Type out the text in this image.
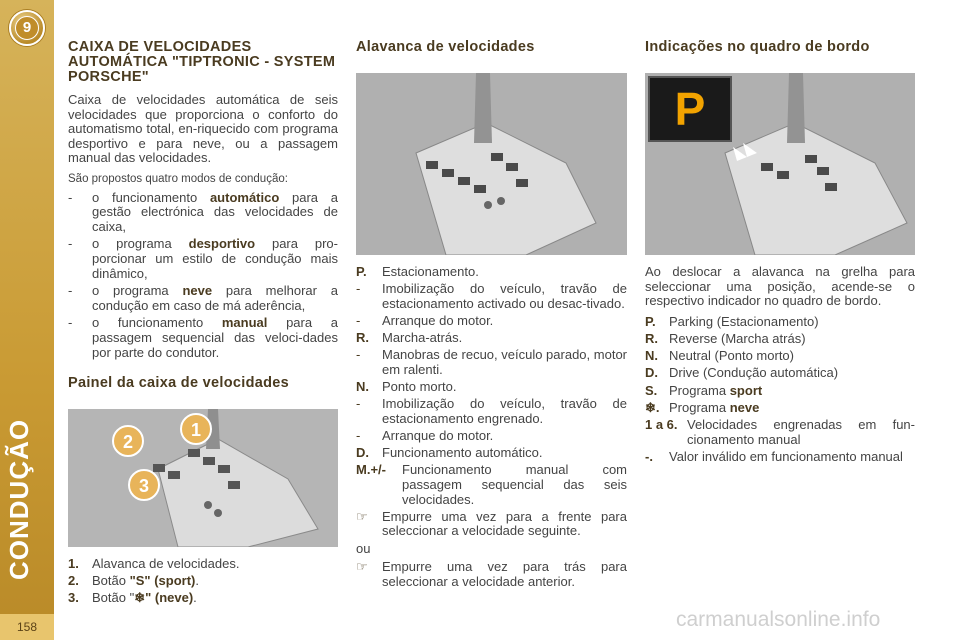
9
CONDUÇÃO
158
CAIXA DE VELOCIDADES AUTOMÁTICA "TIPTRONIC - SYSTEM PORSCHE"

Caixa de velocidades automática de seis velocidades que proporciona o conforto do automatismo total, en-riquecido com programa desportivo e para neve, ou a passagem manual das velocidades.

São propostos quatro modos de condução:

- o funcionamento automático para a gestão electrónica das velocidades de caixa,
- o programa desportivo para pro-porcionar um estilo de condução mais dinâmico,
- o programa neve para melhorar a condução em caso de má aderência,
- o funcionamento manual para a passagem sequencial das veloci-dades por parte do condutor.
Painel da caixa de velocidades
1
2
3
1.	Alavanca de velocidades.
2.	Botão "S" (sport).
3.	Botão "❄" (neve).
Alavanca de velocidades
P.	Estacionamento.
-	Imobilização do veículo, travão de estacionamento activado ou desac-tivado.
-	Arranque do motor.
R.	Marcha-atrás.
-	Manobras de recuo, veículo parado, motor em ralenti.
N.	Ponto morto.
-	Imobilização do veículo, travão de estacionamento engrenado.
-	Arranque do motor.
D.	Funcionamento automático.
M.+/-	Funcionamento manual com passagem sequencial das seis velocidades.
☞	Empurre uma vez para a frente para seleccionar a velocidade seguinte.

ou

☞	Empurre uma vez para trás para seleccionar a velocidade anterior.
Indicações no quadro de bordo
P

Ao deslocar a alavanca na grelha para seleccionar uma posição, acende-se o respectivo indicador no quadro de bordo.

P.	Parking (Estacionamento)
R. Reverse (Marcha atrás)
N. Neutral (Ponto morto)
D. Drive (Condução automática)
S. Programa sport
❄. Programa neve
1 a 6. Velocidades engrenadas em fun-cionamento manual
-.	Valor inválido em funcionamento manual
carmanualsonline.info
